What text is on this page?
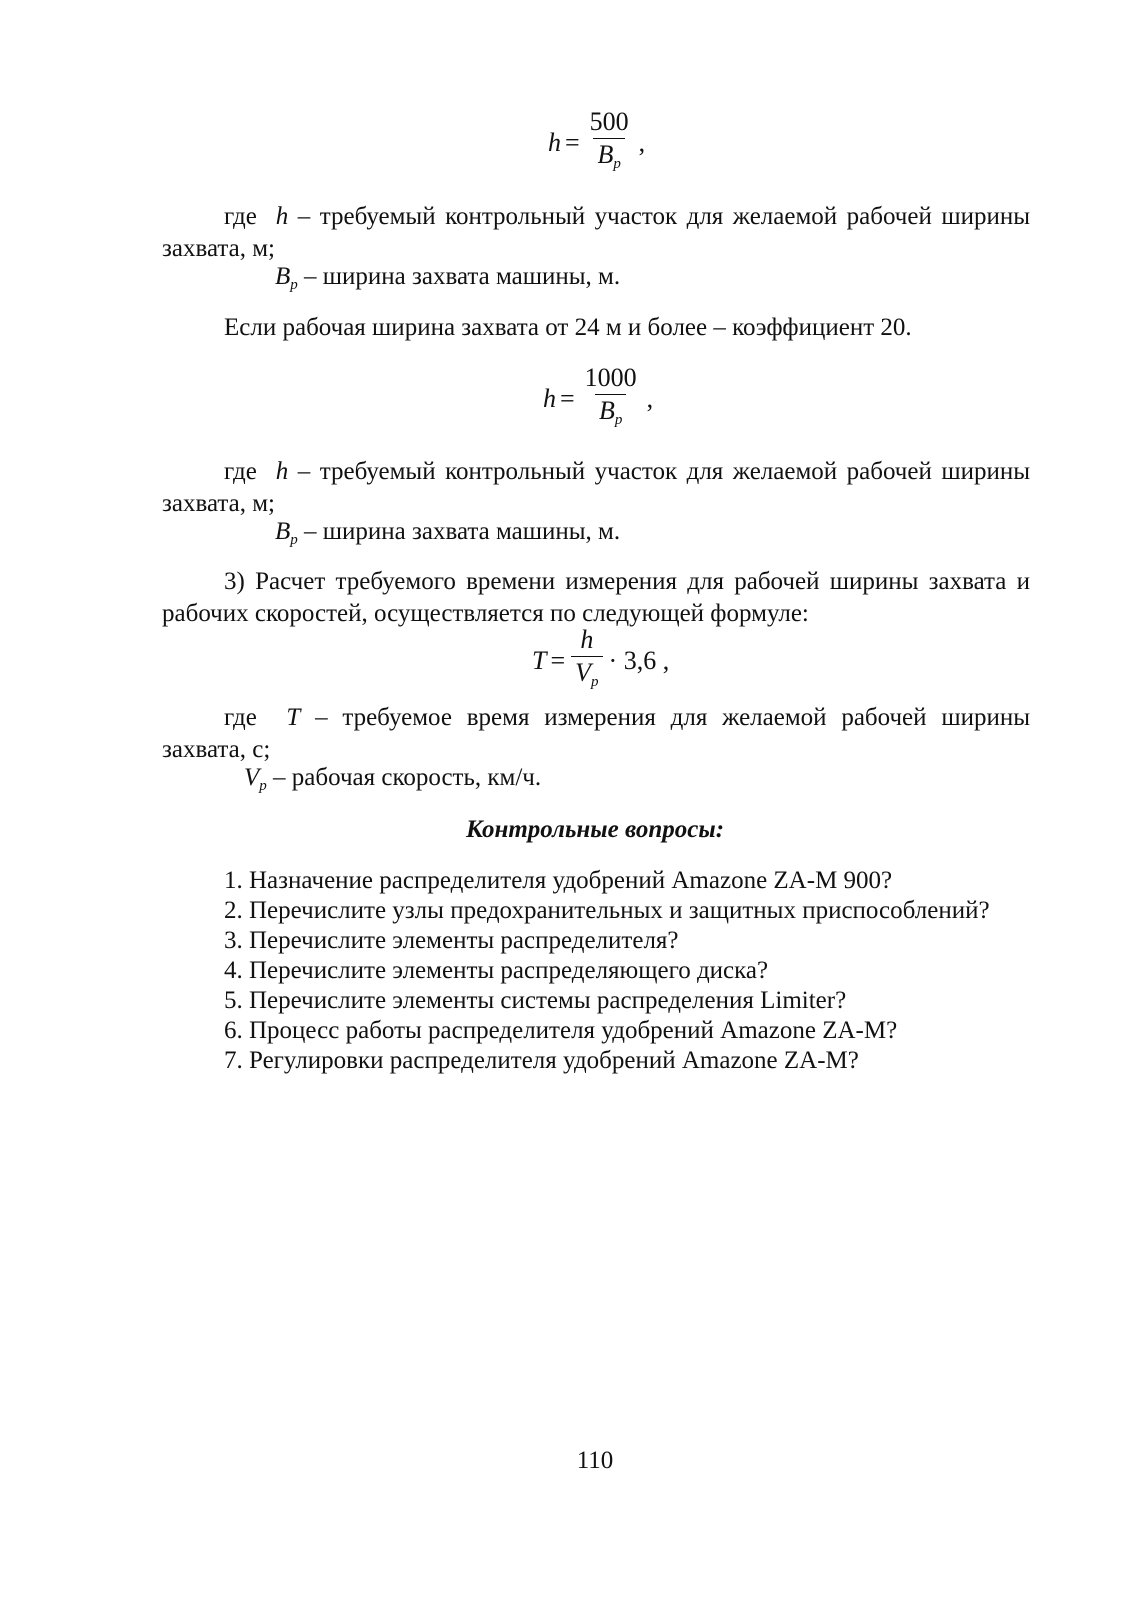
$h = \frac{500}{B_p}$ ,

где h – требуемый контрольный участок для желаемой рабочей ширины захвата, м;

$B_p$ – ширина захвата машины, м.
Если рабочая ширина захвата от 24 м и более – коэффициент 20.
$h = \frac{1000}{B_p}$ ,

где h – требуемый контрольный участок для желаемой рабочей ширины захвата, м;

$B_p$ – ширина захвата машины, м.

3) Расчет требуемого времени измерения для рабочей ширины захвата и рабочих скоростей, осуществляется по следующей формуле:

$T = \frac{h}{V_p} \cdot 3,6$ ,

где T – требуемое время измерения для желаемой рабочей ширины захвата, с;

$V_p$ – рабочая скорость, км/ч.
Контрольные вопросы:
1. Назначение распределителя удобрений Amazone ZA-M 900?
2. Перечислите узлы предохранительных и защитных приспособлений?
3. Перечислите элементы распределителя?
4. Перечислите элементы распределяющего диска?
5. Перечислите элементы системы распределения Limiter?
6. Процесс работы распределителя удобрений Amazone ZA-M?
7. Регулировки распределителя удобрений Amazone ZA-M?
110
